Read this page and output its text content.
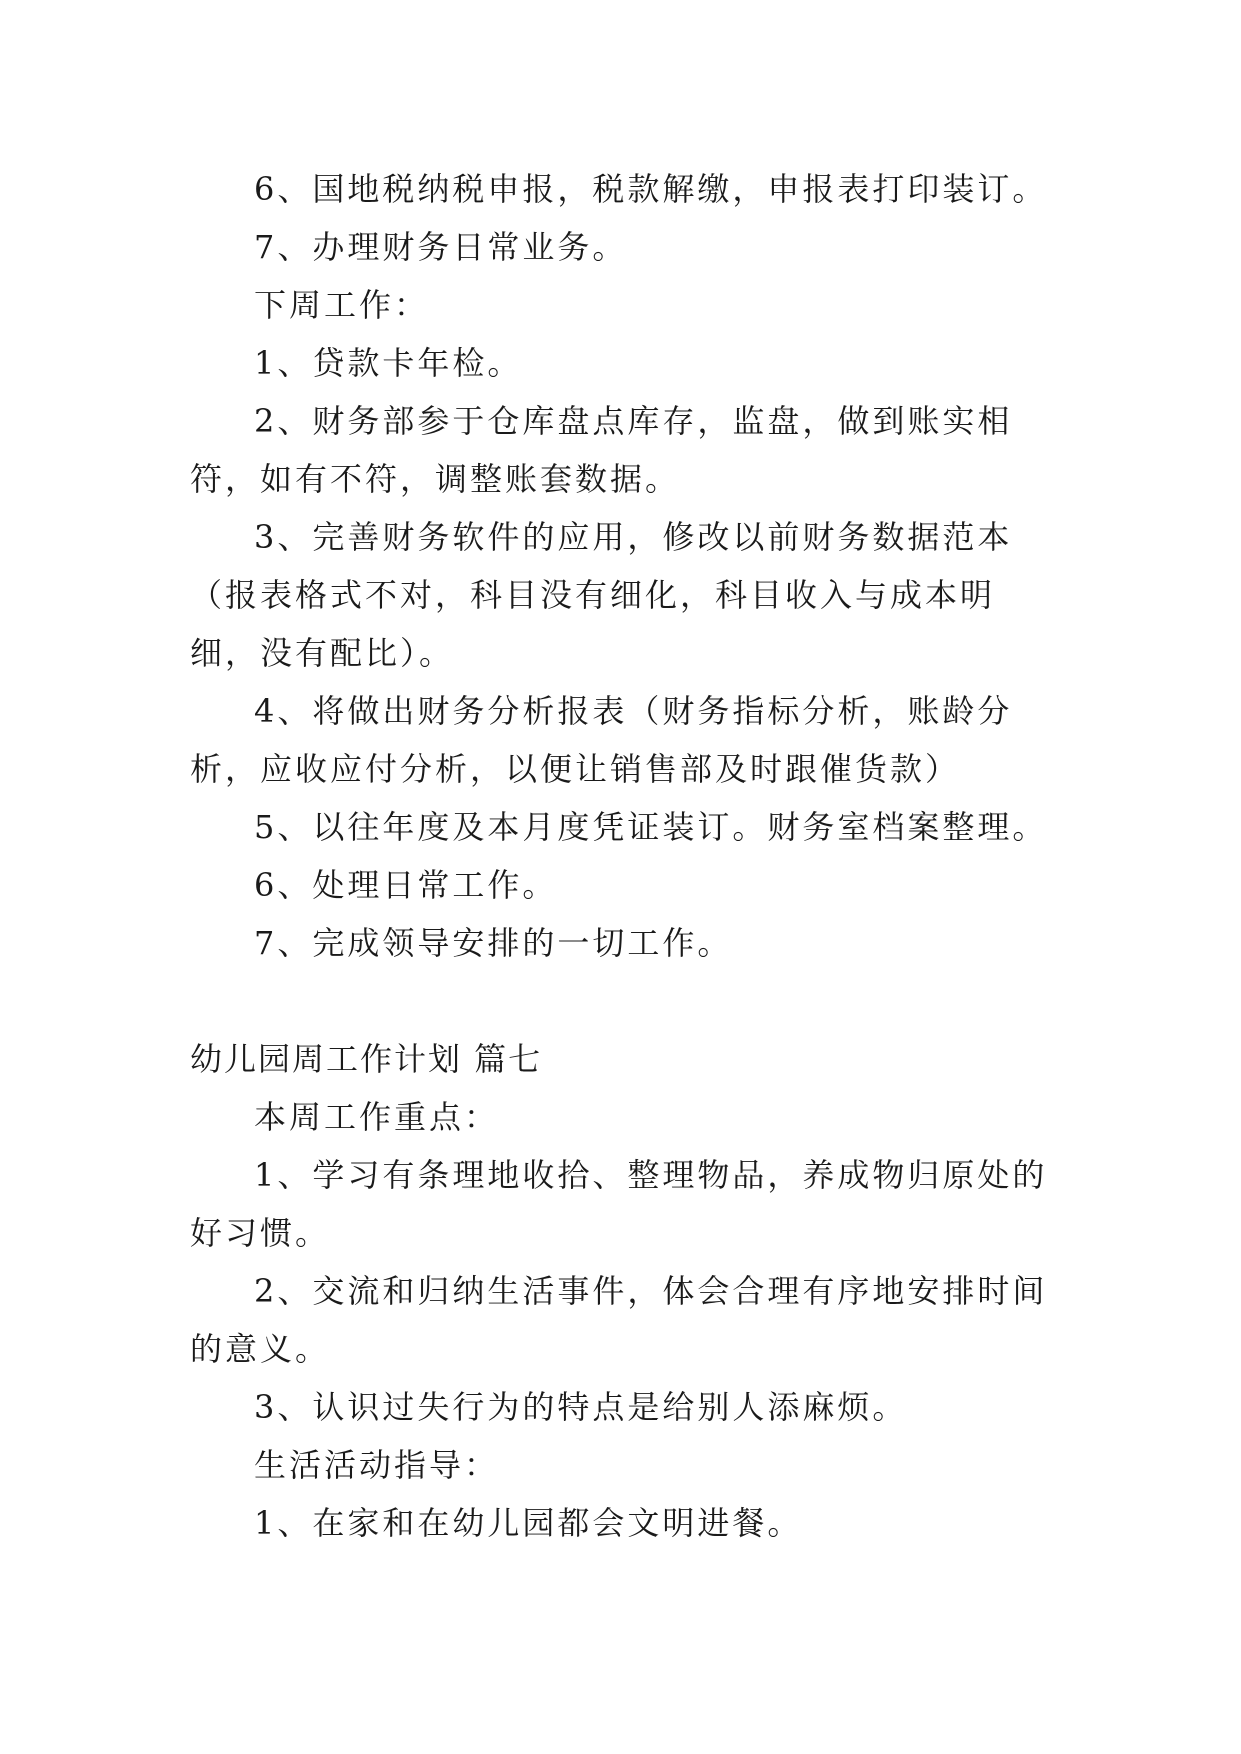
6、国地税纳税申报，税款解缴，申报表打印装订。

7、办理财务日常业务。

下周工作：

1、贷款卡年检。

2、财务部参于仓库盘点库存，监盘，做到账实相符，如有不符，调整账套数据。

3、完善财务软件的应用，修改以前财务数据范本（报表格式不对，科目没有细化，科目收入与成本明细，没有配比）。

4、将做出财务分析报表（财务指标分析，账龄分析，应收应付分析，以便让销售部及时跟催货款）

5、以往年度及本月度凭证装订。财务室档案整理。

6、处理日常工作。

7、完成领导安排的一切工作。

幼儿园周工作计划 篇七

本周工作重点：

1、学习有条理地收拾、整理物品，养成物归原处的好习惯。

2、交流和归纳生活事件，体会合理有序地安排时间的意义。

3、认识过失行为的特点是给别人添麻烦。

生活活动指导：

1、在家和在幼儿园都会文明进餐。
